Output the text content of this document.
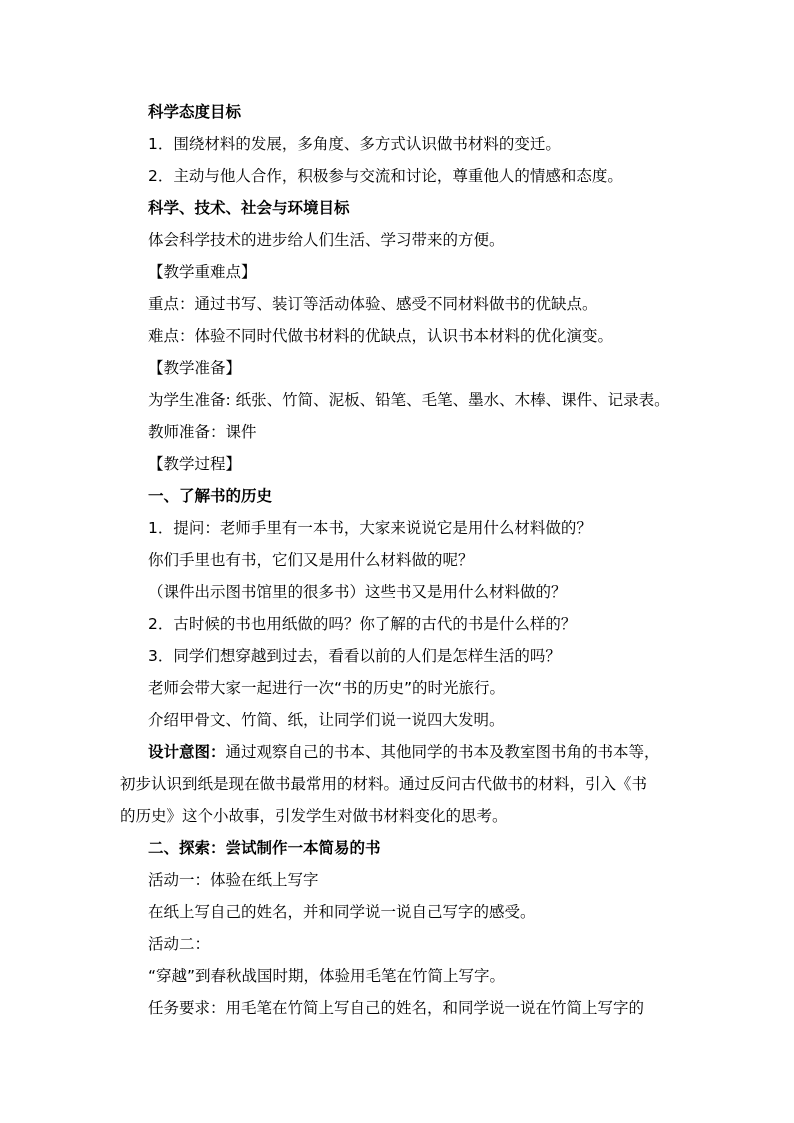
科学态度目标
1．围绕材料的发展，多角度、多方式认识做书材料的变迁。
2．主动与他人合作，积极参与交流和讨论，尊重他人的情感和态度。
科学、技术、社会与环境目标
体会科学技术的进步给人们生活、学习带来的方便。
【教学重难点】
重点：通过书写、装订等活动体验、感受不同材料做书的优缺点。
难点：体验不同时代做书材料的优缺点，认识书本材料的优化演变。
【教学准备】
为学生准备: 纸张、竹简、泥板、铅笔、毛笔、墨水、木棒、课件、记录表。
教师准备：课件
【教学过程】
一、了解书的历史
1．提问：老师手里有一本书，大家来说说它是用什么材料做的？
你们手里也有书，它们又是用什么材料做的呢？
（课件出示图书馆里的很多书）这些书又是用什么材料做的？
2．古时候的书也用纸做的吗？你了解的古代的书是什么样的？
3．同学们想穿越到过去，看看以前的人们是怎样生活的吗？
老师会带大家一起进行一次“书的历史”的时光旅行。
介绍甲骨文、竹简、纸，让同学们说一说四大发明。
设计意图：通过观察自己的书本、其他同学的书本及教室图书角的书本等，
初步认识到纸是现在做书最常用的材料。通过反问古代做书的材料，引入《书
的历史》这个小故事，引发学生对做书材料变化的思考。
二、探索：尝试制作一本简易的书
活动一：体验在纸上写字
在纸上写自己的姓名，并和同学说一说自己写字的感受。
活动二：
“穿越”到春秋战国时期，体验用毛笔在竹简上写字。
任务要求：用毛笔在竹简上写自己的姓名，和同学说一说在竹简上写字的
